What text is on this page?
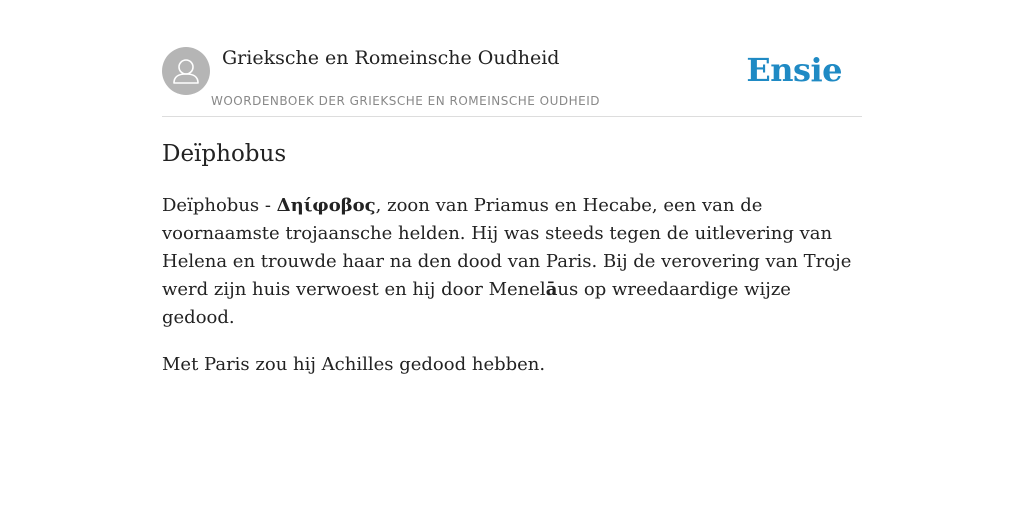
Grieksche en Romeinsche Oudheid
WOORDENBOEK DER GRIEKSCHE EN ROMEINSCHE OUDHEID
Ensie
Deïphobus

Deïphobus - Δηίφοβος, zoon van Priamus en Hecabe, een van de voornaamste trojaansche helden. Hij was steeds tegen de uitlevering van Helena en trouwde haar na den dood van Paris. Bij de verovering van Troje werd zijn huis verwoest en hij door Menelāus op wreedaardige wijze gedood.

Met Paris zou hij Achilles gedood hebben.
